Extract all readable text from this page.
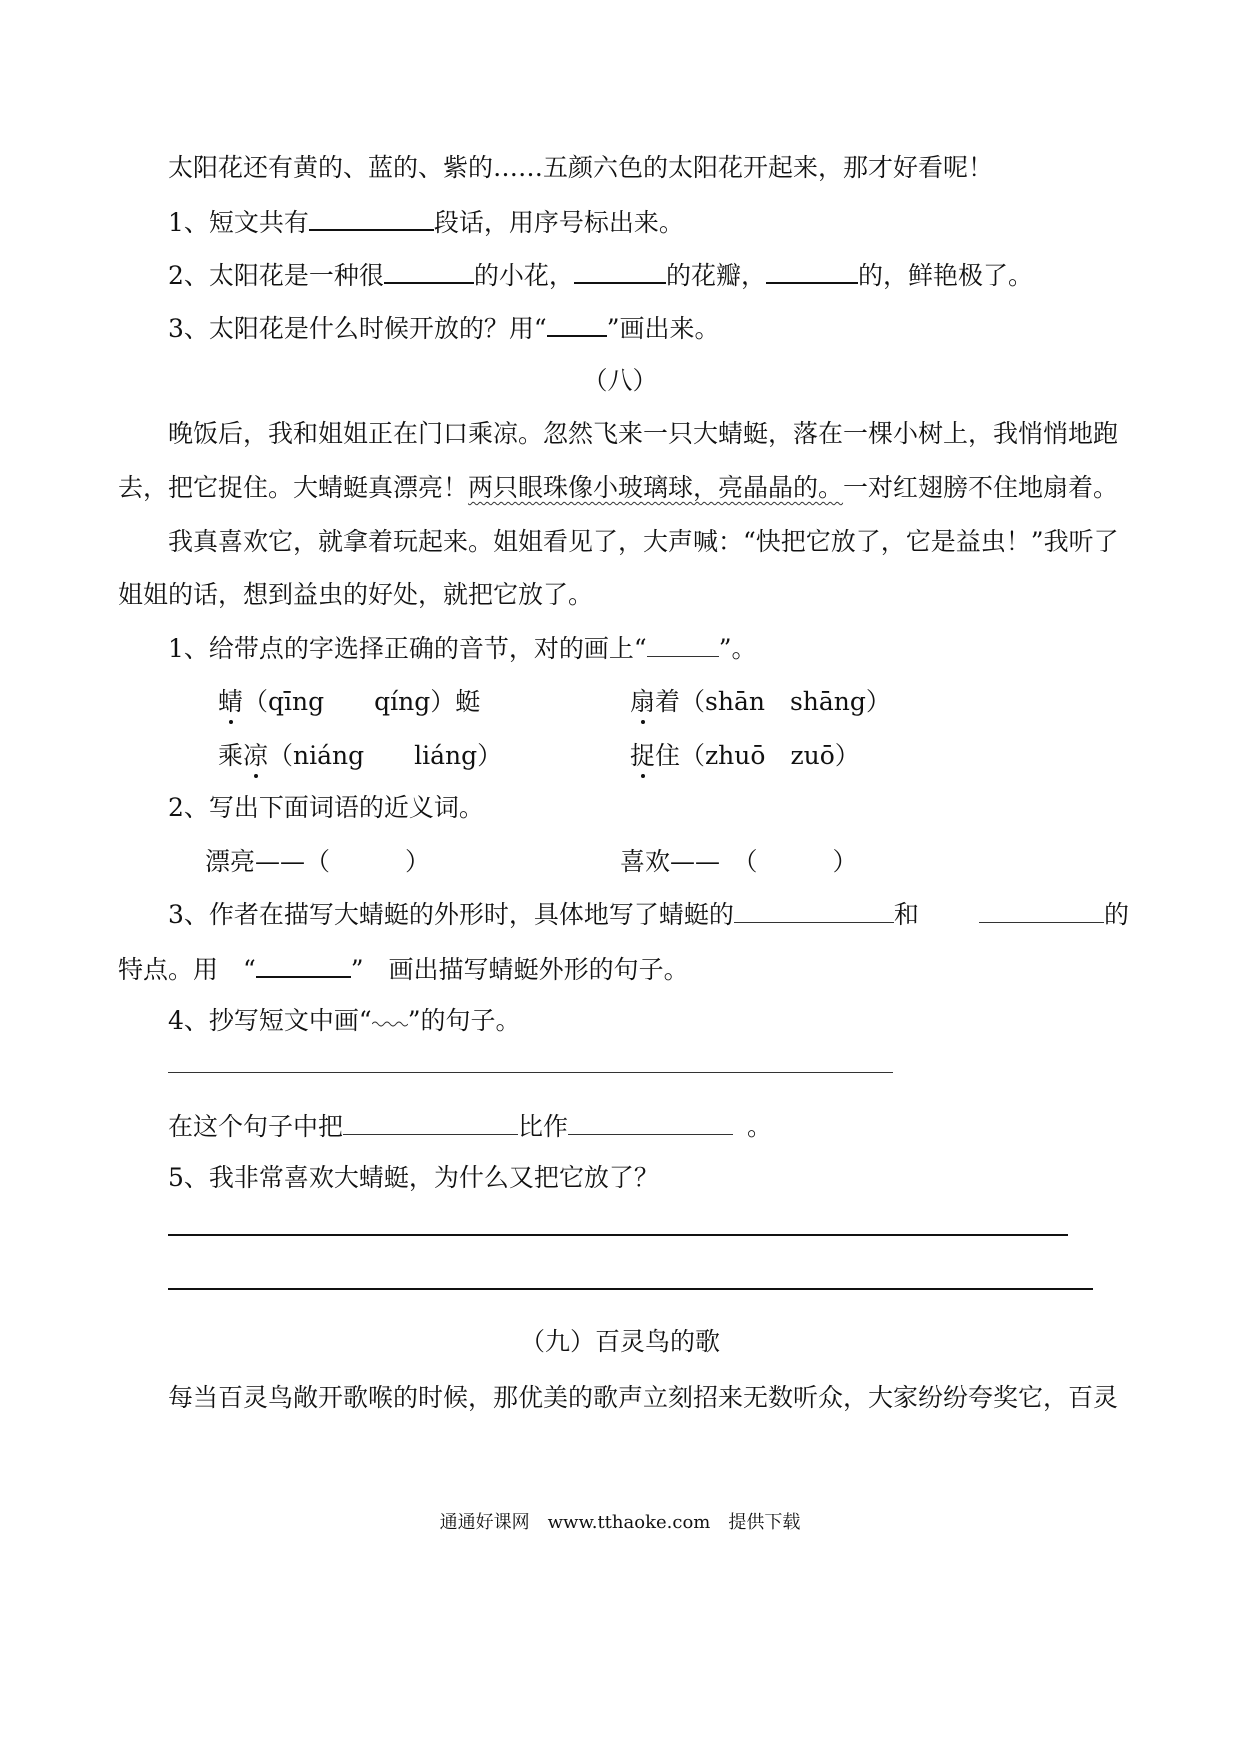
太阳花还有黄的、蓝的、紫的……五颜六色的太阳花开起来，那才好看呢！
1、短文共有	段话，用序号标出来。
2、太阳花是一种很	的小花，	的花瓣，	的，鲜艳极了。
3、太阳花是什么时候开放的？用“ ”画出来。
（八）
晚饭后，我和姐姐正在门口乘凉。忽然飞来一只大蜻蜓，落在一棵小树上，我悄悄地跑
去，把它捉住。大蜻蜓真漂亮！两只眼珠像小玻璃球，亮晶晶的。一对红翅膀不住地扇着。
我真喜欢它，就拿着玩起来。姐姐看见了，大声喊：“快把它放了，它是益虫！”我听了
姐姐的话，想到益虫的好处，就把它放了。
1、给带点的字选择正确的音节，对的画上“	”。
蜻（qīng　　qíng）蜓	扇着（shān　shāng）
乘凉（niáng　　liáng）	捉住（zhuō　zuō）
2、写出下面词语的近义词。
漂亮——（　　　）	喜欢——　（　　　）
3、作者在描写大蜻蜓的外形时，具体地写了蜻蜓的	和	的
特点。用　“	”　画出描写蜻蜓外形的句子。
4、抄写短文中画“ ”的句子。
在这个句子中把	比作	。
5、我非常喜欢大蜻蜓，为什么又把它放了？
（九）百灵鸟的歌
每当百灵鸟敞开歌喉的时候，那优美的歌声立刻招来无数听众，大家纷纷夸奖它，百灵
通通好课网　www.tthaoke.com　提供下载
